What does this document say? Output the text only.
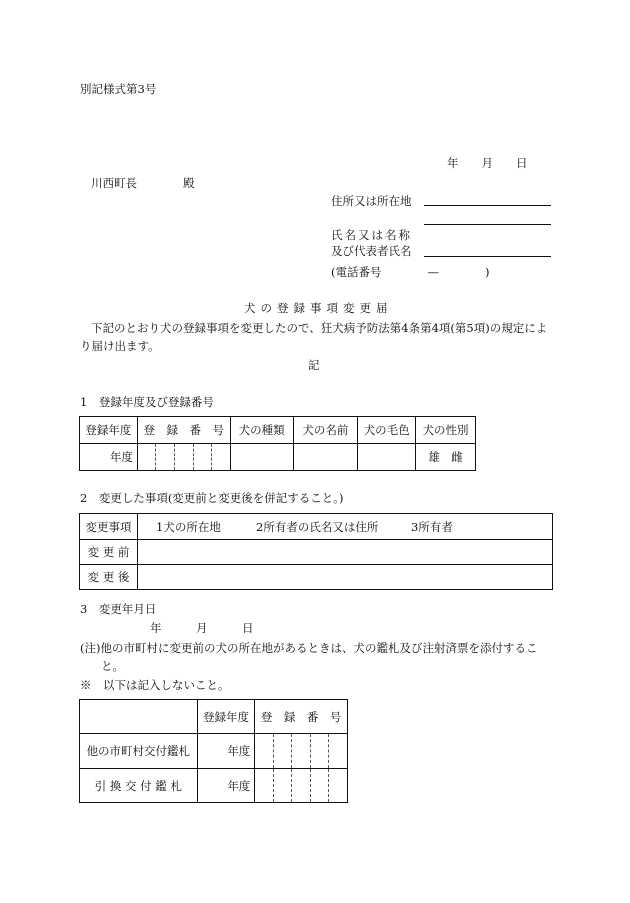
別記様式第3号
年　　月　　日
川西町長　　　　殿
住所又は所在地
氏名又は名称
及び代表者氏名
(電話番号　　　　—　　　　)
犬の登録事項変更届
下記のとおり犬の登録事項を変更したので、狂犬病予防法第4条第4項(第5項)の規定によ
り届け出ます。
記
1　登録年度及び登録番号
登録年度	登　録　番　号	犬の種類	犬の名前	犬の毛色	犬の性別
年度					雄　雌
2　変更した事項(変更前と変更後を併記すること。)
変更事項	1犬の所在地 2所有者の氏名又は住所 3所有者
変 更 前	
変 更 後	
3　変更年月日
年　　　月　　　日
(注)他の市町村に変更前の犬の所在地があるときは、犬の鑑札及び注射済票を添付するこ
と。
※　以下は記入しないこと。
	登録年度	登　録　番　号
他の市町村交付鑑札	年度	

引 換 交 付 鑑 札	年度	
